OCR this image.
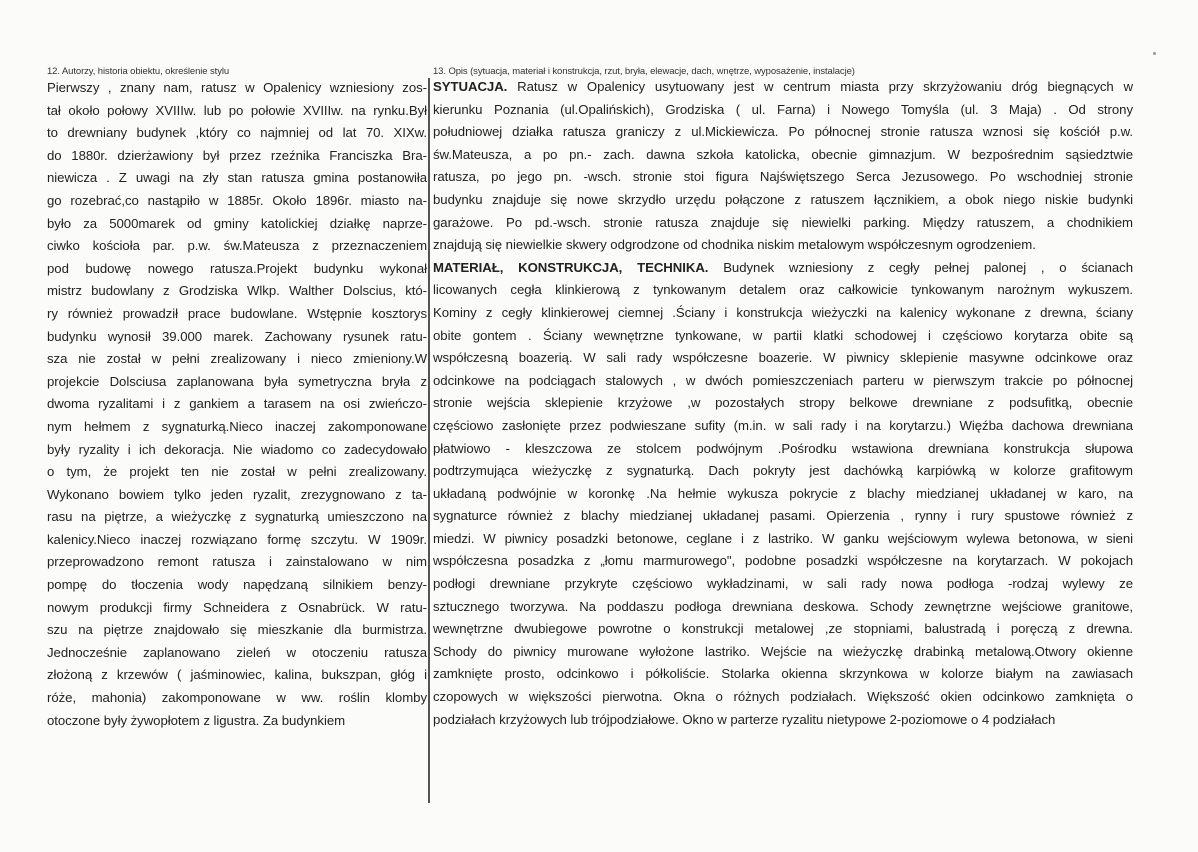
12. Autorzy, historia obiektu, określenie stylu
Pierwszy , znany nam, ratusz w Opalenicy wzniesiony zos-
tał około połowy XVIIIw. lub po połowie XVIIIw. na rynku.Był
to drewniany budynek ,który co najmniej od lat 70. XIXw.
do 1880r. dzierżawiony był przez rzeźnika Franciszka Bra-
niewicza . Z uwagi na zły stan ratusza gmina postanowiła
go rozebrać,co nastąpiło w 1885r. Około 1896r. miasto na-
było za 5000marek od gminy katolickiej działkę naprze-
ciwko kościoła par. p.w. św.Mateusza z przeznaczeniem
pod budowę nowego ratusza.Projekt budynku wykonał
mistrz budowlany z Grodziska Wlkp. Walther Dolscius, któ-
ry również prowadził prace budowlane. Wstępnie kosztorys
budynku wynosił 39.000 marek. Zachowany rysunek ratu-
sza nie został w pełni zrealizowany i nieco zmieniony.W
projekcie Dolsciusa zaplanowana była symetryczna bryła z
dwoma ryzalitami i z gankiem a tarasem na osi zwieńczo-
nym hełmem z sygnaturką.Nieco inaczej zakomponowane
były ryzality i ich dekoracja. Nie wiadomo co zadecydowało
o tym, że projekt ten nie został w pełni zrealizowany.
Wykonano bowiem tylko jeden ryzalit, zrezygnowano z ta-
rasu na piętrze, a wieżyczkę z sygnaturką umieszczono na
kalenicy.Nieco inaczej rozwiązano formę szczytu. W 1909r.
przeprowadzono remont ratusza i zainstalowano w nim
pompę do tłoczenia wody napędzaną silnikiem benzy-
nowym produkcji firmy Schneidera z Osnabrück. W ratu-
szu na piętrze znajdowało się mieszkanie dla burmistrza.
Jednocześnie zaplanowano zieleń w otoczeniu ratusza
złożoną z krzewów ( jaśminowiec, kalina, bukszpan, głóg i
róże, mahonia) zakomponowane w ww. roślin klomby
otoczone były żywopłotem z ligustra. Za budynkiem
13. Opis (sytuacja, materiał i konstrukcja, rzut, bryła, elewacje, dach, wnętrze, wyposażenie, instalacje)
SYTUACJA. Ratusz w Opalenicy usytuowany jest w centrum miasta przy skrzyżowaniu dróg biegnących w
kierunku Poznania (ul.Opalińskich), Grodziska ( ul. Farna) i Nowego Tomyśla (ul. 3 Maja) . Od strony
południowej działka ratusza graniczy z ul.Mickiewicza. Po północnej stronie ratusza wznosi się kościół p.w.
św.Mateusza, a po pn.- zach. dawna szkoła katolicka, obecnie gimnazjum. W bezpośrednim sąsiedztwie
ratusza, po jego pn. -wsch. stronie stoi figura Najświętszego Serca Jezusowego. Po wschodniej stronie
budynku znajduje się nowe skrzydło urzędu połączone z ratuszem łącznikiem, a obok niego niskie budynki
garażowe. Po pd.-wsch. stronie ratusza znajduje się niewielki parking. Między ratuszem, a chodnikiem
znajdują się niewielkie skwery odgrodzone od chodnika niskim metalowym współczesnym ogrodzeniem.
MATERIAŁ, KONSTRUKCJA, TECHNIKA. Budynek wzniesiony z cegły pełnej palonej , o ścianach
licowanych cegła klinkierową z tynkowanym detalem oraz całkowicie tynkowanym narożnym wykuszem.
Kominy z cegły klinkierowej ciemnej .Ściany i konstrukcja wieżyczki na kalenicy wykonane z drewna, ściany
obite gontem . Ściany wewnętrzne tynkowane, w partii klatki schodowej i częściowo korytarza obite są
współczesną boazerią. W sali rady współczesne boazerie. W piwnicy sklepienie masywne odcinkowe oraz
odcinkowe na podciągach stalowych , w dwóch pomieszczeniach parteru w pierwszym trakcie po północnej
stronie wejścia sklepienie krzyżowe ,w pozostałych stropy belkowe drewniane z podsufitką, obecnie
częściowo zasłonięte przez podwieszane sufity (m.in. w sali rady i na korytarzu.) Więźba dachowa drewniana
płatwiowo - kleszczowa ze stolcem podwójnym .Pośrodku wstawiona drewniana konstrukcja słupowa
podtrzymująca wieżyczkę z sygnaturką. Dach pokryty jest dachówką karpiówką w kolorze grafitowym
układaną podwójnie w koronkę .Na hełmie wykusza pokrycie z blachy miedzianej układanej w karo, na
sygnaturce również z blachy miedzianej układanej pasami. Opierzenia , rynny i rury spustowe również z
miedzi. W piwnicy posadzki betonowe, ceglane i z lastriko. W ganku wejściowym wylewa betonowa, w sieni
współczesna posadzka z „łomu marmurowego", podobne posadzki współczesne na korytarzach. W pokojach
podłogi drewniane przykryte częściowo wykładzinami, w sali rady nowa podłoga -rodzaj wylewy ze
sztucznego tworzywa. Na poddaszu podłoga drewniana deskowa. Schody zewnętrzne wejściowe granitowe,
wewnętrzne dwubiegowe powrotne o konstrukcji metalowej ,ze stopniami, balustradą i poręczą z drewna.
Schody do piwnicy murowane wyłożone lastriko. Wejście na wieżyczkę drabinką metalową.Otwory okienne
zamknięte prosto, odcinkowo i półkoliście. Stolarka okienna skrzynkowa w kolorze białym na zawiasach
czopowych w większości pierwotna. Okna o różnych podziałach. Większość okien odcinkowo zamknięta o
podziałach krzyżowych lub trójpodziałowe. Okno w parterze ryzalitu nietypowe 2-poziomowe o 4 podziałach
